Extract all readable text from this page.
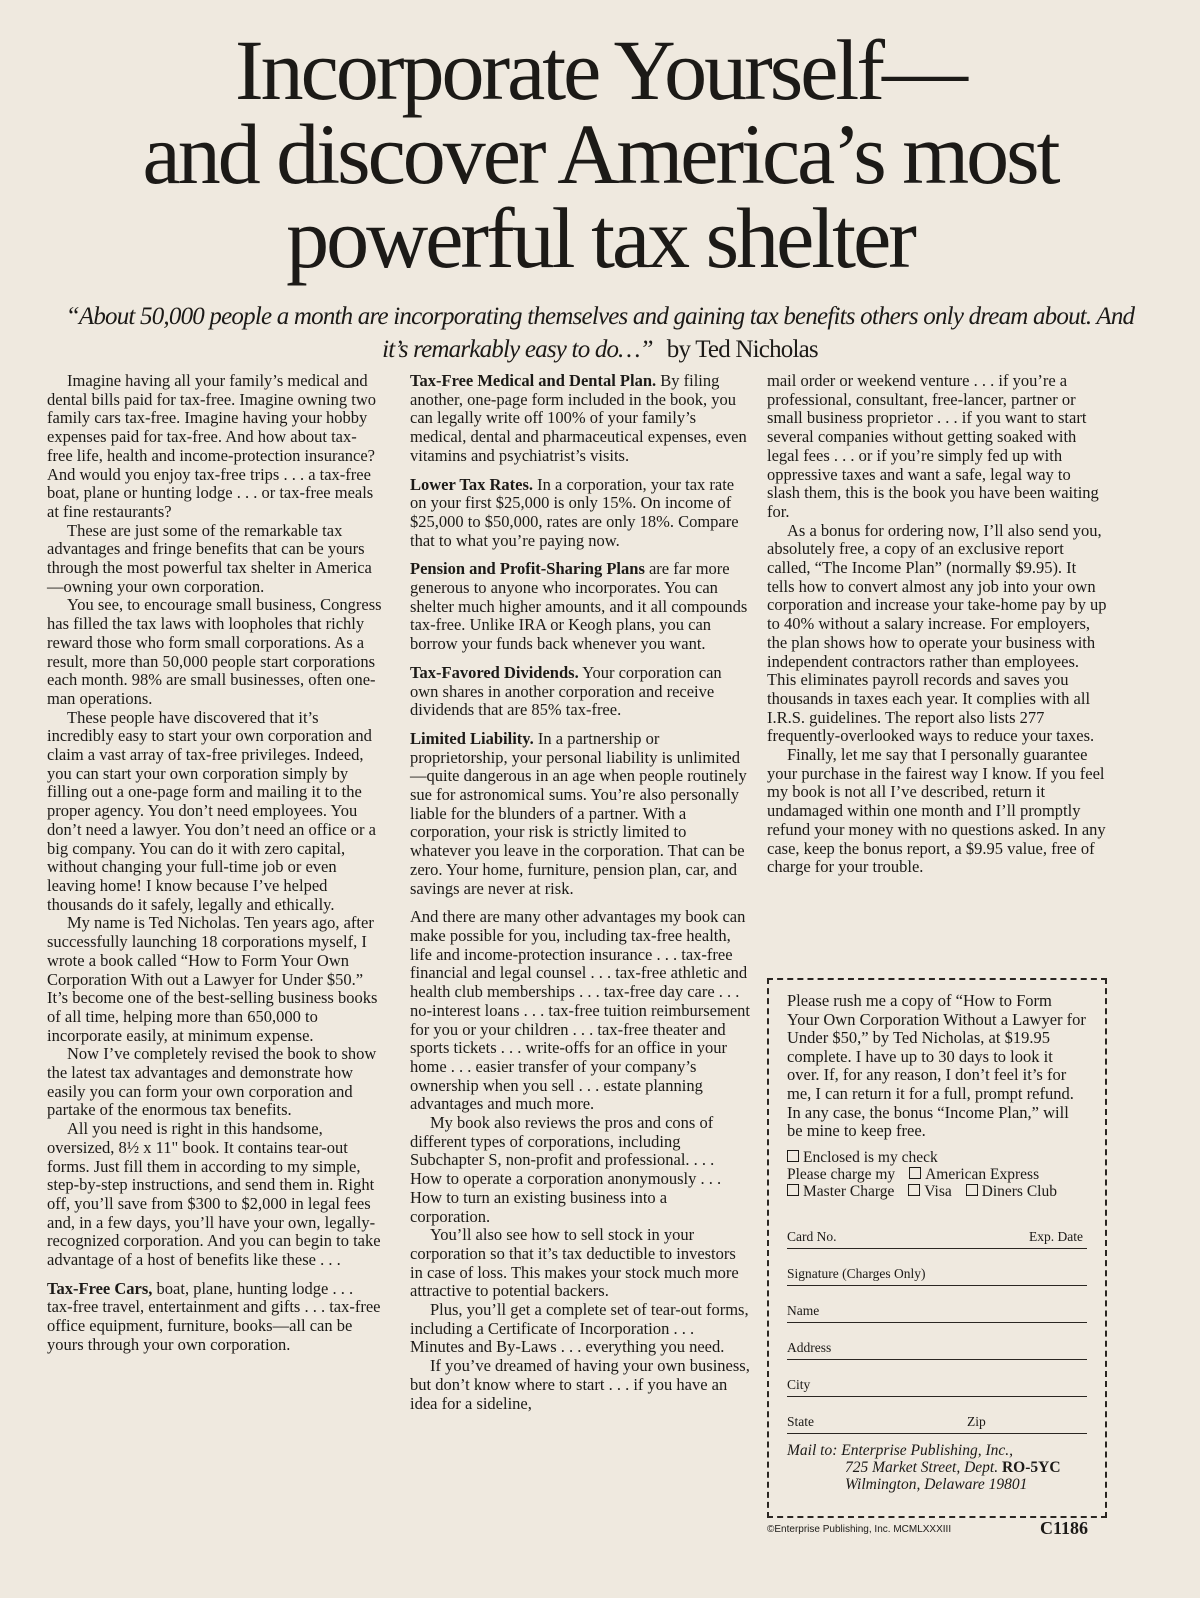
Incorporate Yourself—
and discover America’s most
powerful tax shelter
“About 50,000 people a month are incorporating themselves and gaining tax benefits others only dream about. And it’s remarkably easy to do…” by Ted Nicholas

Imagine having all your family’s medical and dental bills paid for tax-free. Imagine owning two family cars tax-free. Imagine having your hobby expenses paid for tax-free. And how about tax-free life, health and income-protection insurance? And would you enjoy tax-free trips . . . a tax-free boat, plane or hunting lodge . . . or tax-free meals at fine restaurants?

These are just some of the remarkable tax advantages and fringe benefits that can be yours through the most powerful tax shelter in America—owning your own corporation.

You see, to encourage small business, Congress has filled the tax laws with loopholes that richly reward those who form small corporations. As a result, more than 50,000 people start corporations each month. 98% are small businesses, often one-man operations.

These people have discovered that it’s incredibly easy to start your own corporation and claim a vast array of tax-free privileges. Indeed, you can start your own corporation simply by filling out a one-page form and mailing it to the proper agency. You don’t need employees. You don’t need a lawyer. You don’t need an office or a big company. You can do it with zero capital, without changing your full-time job or even leaving home! I know because I’ve helped thousands do it safely, legally and ethically.

My name is Ted Nicholas. Ten years ago, after successfully launching 18 corporations myself, I wrote a book called “How to Form Your Own Corporation With out a Lawyer for Under $50.” It’s become one of the best-selling business books of all time, helping more than 650,000 to incorporate easily, at minimum expense.

Now I’ve completely revised the book to show the latest tax advantages and demonstrate how easily you can form your own corporation and partake of the enormous tax benefits.

All you need is right in this handsome, oversized, 8½ x 11" book. It contains tear-out forms. Just fill them in according to my simple, step-by-step instructions, and send them in. Right off, you’ll save from $300 to $2,000 in legal fees and, in a few days, you’ll have your own, legally-recognized corporation. And you can begin to take advantage of a host of benefits like these . . .

Tax-Free Cars, boat, plane, hunting lodge . . . tax-free travel, entertainment and gifts . . . tax-free office equipment, furniture, books—all can be yours through your own corporation.

Tax-Free Medical and Dental Plan. By filing another, one-page form included in the book, you can legally write off 100% of your family’s medical, dental and pharmaceutical expenses, even vitamins and psychiatrist’s visits.

Lower Tax Rates. In a corporation, your tax rate on your first $25,000 is only 15%. On income of $25,000 to $50,000, rates are only 18%. Compare that to what you’re paying now.

Pension and Profit-Sharing Plans are far more generous to anyone who incorporates. You can shelter much higher amounts, and it all compounds tax-free. Unlike IRA or Keogh plans, you can borrow your funds back whenever you want.

Tax-Favored Dividends. Your corporation can own shares in another corporation and receive dividends that are 85% tax-free.

Limited Liability. In a partnership or proprietorship, your personal liability is unlimited—quite dangerous in an age when people routinely sue for astronomical sums. You’re also personally liable for the blunders of a partner. With a corporation, your risk is strictly limited to whatever you leave in the corporation. That can be zero. Your home, furniture, pension plan, car, and savings are never at risk.

And there are many other advantages my book can make possible for you, including tax-free health, life and income-protection insurance . . . tax-free financial and legal counsel . . . tax-free athletic and health club memberships . . . tax-free day care . . . no-interest loans . . . tax-free tuition reimbursement for you or your children . . . tax-free theater and sports tickets . . . write-offs for an office in your home . . . easier transfer of your company’s ownership when you sell . . . estate planning advantages and much more.

My book also reviews the pros and cons of different types of corporations, including Subchapter S, non-profit and professional. . . . How to operate a corporation anonymously . . . How to turn an existing business into a corporation.

You’ll also see how to sell stock in your corporation so that it’s tax deductible to investors in case of loss. This makes your stock much more attractive to potential backers.

Plus, you’ll get a complete set of tear-out forms, including a Certificate of Incorporation . . . Minutes and By-Laws . . . everything you need.

If you’ve dreamed of having your own business, but don’t know where to start . . . if you have an idea for a sideline,

mail order or weekend venture . . . if you’re a professional, consultant, free-lancer, partner or small business proprietor . . . if you want to start several companies without getting soaked with legal fees . . . or if you’re simply fed up with oppressive taxes and want a safe, legal way to slash them, this is the book you have been waiting for.

As a bonus for ordering now, I’ll also send you, absolutely free, a copy of an exclusive report called, “The Income Plan” (normally $9.95). It tells how to convert almost any job into your own corporation and increase your take-home pay by up to 40% without a salary increase. For employers, the plan shows how to operate your business with independent contractors rather than employees. This eliminates payroll records and saves you thousands in taxes each year. It complies with all I.R.S. guidelines. The report also lists 277 frequently-overlooked ways to reduce your taxes.

Finally, let me say that I personally guarantee your purchase in the fairest way I know. If you feel my book is not all I’ve described, return it undamaged within one month and I’ll promptly refund your money with no questions asked. In any case, keep the bonus report, a $9.95 value, free of charge for your trouble.

Please rush me a copy of “How to Form Your Own Corporation Without a Lawyer for Under $50,” by Ted Nicholas, at $19.95 complete. I have up to 30 days to look it over. If, for any reason, I don’t feel it’s for me, I can return it for a full, prompt refund. In any case, the bonus “Income Plan,” will be mine to keep free.

Enclosed is my check
Please charge my American Express
Master Charge Visa Diners Club
Card No.	Exp. Date
Signature (Charges Only)
Name
Address
City
State	Zip
Mail to: Enterprise Publishing, Inc.,
725 Market Street, Dept. RO-5YC
Wilmington, Delaware 19801
©Enterprise Publishing, Inc. MCMLXXXIII	C1186
